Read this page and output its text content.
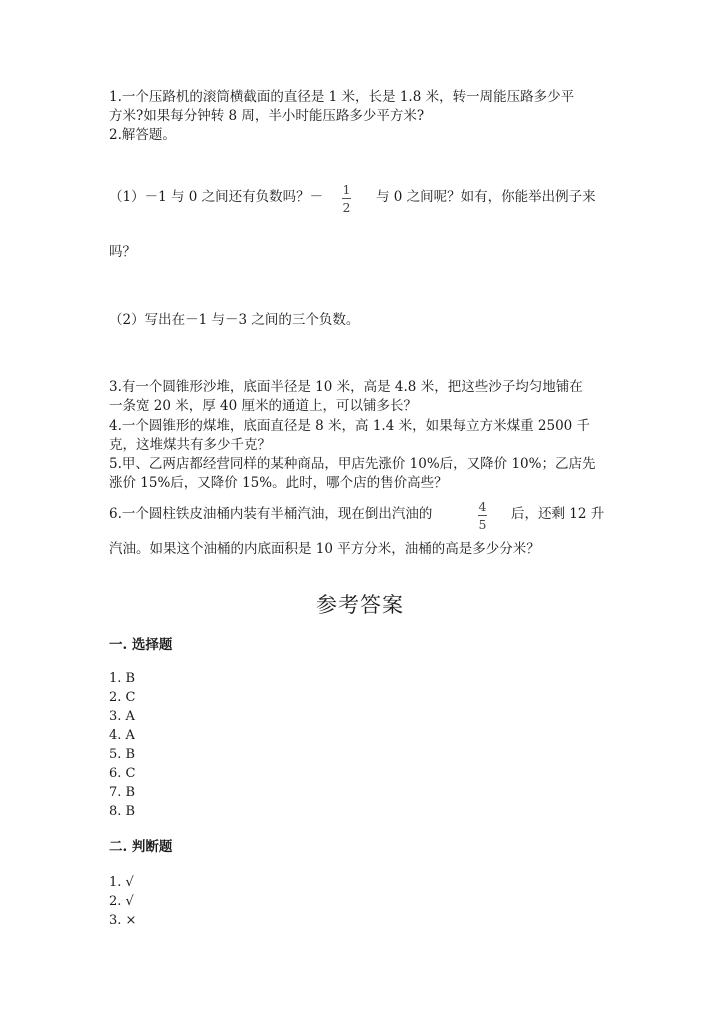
1.一个压路机的滚筒横截面的直径是 1 米，长是 1.8 米，转一周能压路多少平
方米?如果每分钟转 8 周，半小时能压路多少平方米?
2.解答题。
（1）－1 与 0 之间还有负数吗？－ 1
2
与 0 之间呢？如有，你能举出例子来
吗？
（2）写出在－1 与－3 之间的三个负数。
3.有一个圆锥形沙堆，底面半径是 10 米，高是 4.8 米，把这些沙子均匀地铺在
一条宽 20 米，厚 40 厘米的通道上，可以铺多长？
4.一个圆锥形的煤堆，底面直径是 8 米，高 1.4 米，如果每立方米煤重 2500 千
克，这堆煤共有多少千克？
5.甲、乙两店都经营同样的某种商品，甲店先涨价 10%后，又降价 10%；乙店先
涨价 15%后，又降价 15%。此时，哪个店的售价高些？
6.一个圆柱铁皮油桶内装有半桶汽油，现在倒出汽油的	4
5
后，还剩 12 升
汽油。如果这个油桶的内底面积是 10 平方分米，油桶的高是多少分米？
参考答案
一. 选择题
1. B
2. C
3. A
4. A
5. B
6. C
7. B
8. B
二. 判断题
1. √
2. √
3. ×
